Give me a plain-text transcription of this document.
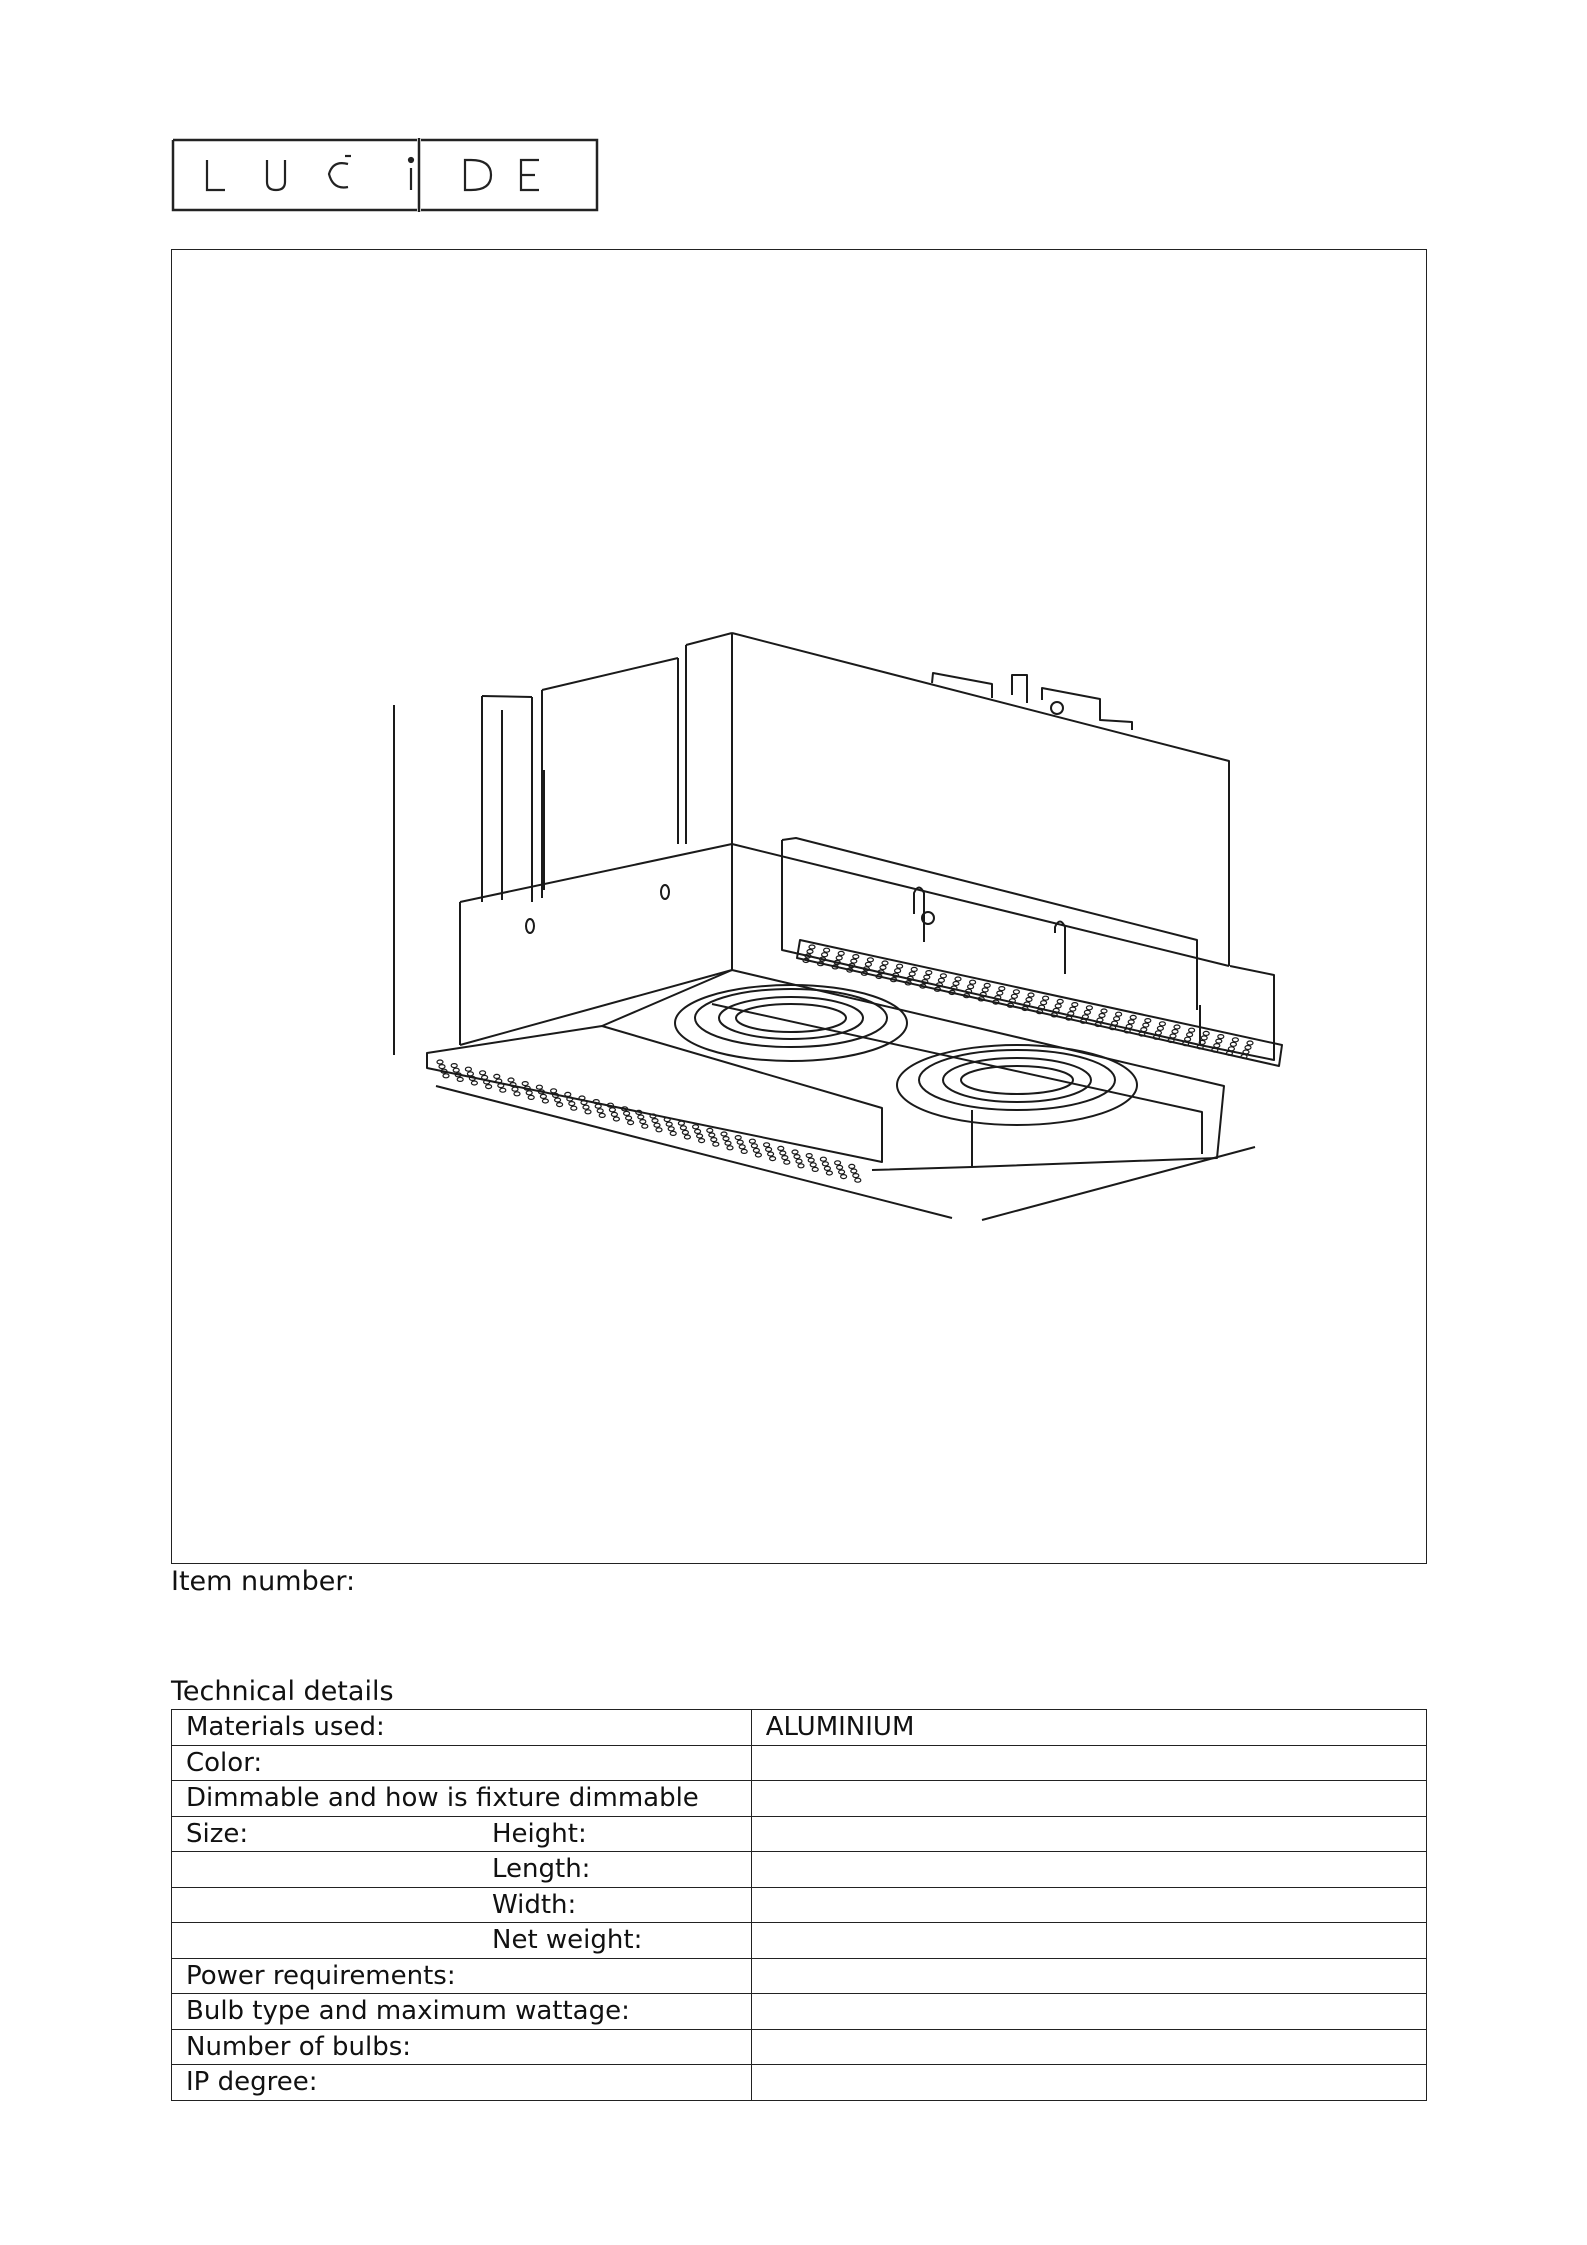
Item number:
Technical details
Materials used:	ALUMINIUM
Color:	
Dimmable and how is fixture dimmable	
Size: Height:	
Length:	
Width:	
Net weight:	
Power requirements:	
Bulb type and maximum wattage:	
Number of bulbs:	
IP degree:	
